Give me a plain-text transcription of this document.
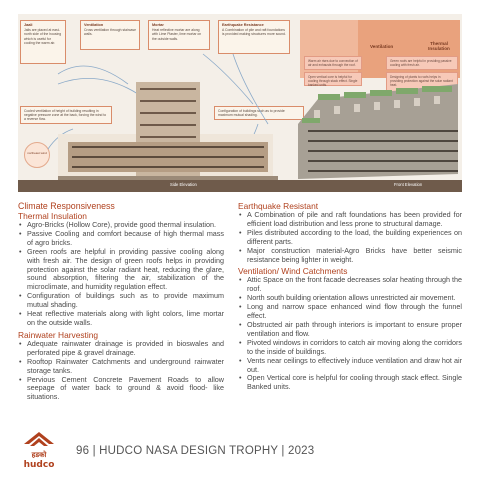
Ventilation
Thermal Insulation
Jaali
Jalis are placed at east-north side of the housing which is useful for cooling the warm air.
Ventilation
Cross ventilation through staircase walls.
Mortar
Heat reflective mortar are along with Lime Plaster, lime mortar on the outside walls.
Earthquake Resistance
A Combination of pile and raft foundations is provided making structures more sound.
Warm air rises due to convection of air and exhausts through the roof.
Open vertical core is helpful for cooling through stack effect. Single banked units.
Green roofs are helpful in providing passive cooling with fresh air.
Designing of plants to roofs helps in providing protection against the solar radiant heat.
Cooled ventilation of height of building resulting in negative pressure zone at the back, forcing the wind to a reverse flow.
Configuration of buildings such as to provide maximum mutual shading.
northeast wind
Side Elevation	Front Elevation
Climate Responsiveness
Thermal Insulation
• Agro-Bricks (Hollow Core), provide good thermal insulation.
• Passive Cooling and comfort because of high thermal mass of agro bricks.
• Green roofs are helpful in providing passive cooling along with fresh air. The design of green roofs helps in providing protection against the solar radiant heat, reducing the glare, sound absorption, filtering the air, stabilization of the microclimate, and humidity regulation effect.
• Configuration of buildings such as to provide maximum mutual shading.
• Heat reflective materials along with light colors, lime mortar on the outside walls.
Rainwater Harvesting
• Adequate rainwater drainage is provided in bioswales and perforated pipe & gravel drainage.
• Rooftop Rainwater Catchments and underground rainwater storage tanks.
• Pervious Cement Concrete Pavement Roads to allow seepage of water back to ground & avoid flood- like situations.
Earthquake Resistant
• A Combination of pile and raft foundations has been provided for efficient load distribution and less prone to structural damage.
• Piles distributed according to the load, the building experiences on different parts.
• Major construction material-Agro Bricks have better seismic resistance being lighter in weight.
Ventilation/ Wind Catchments
• Attic Space on the front facade decreases solar heating through the roof.
• North south building orientation allows unrestricted air movement.
• Long and narrow space enhanced wind flow through the funnel effect.
• Obstructed air path through interiors is important to ensure proper ventilation and flow.
• Pivoted windows in corridors to catch air moving along the corridors to the inside of buildings.
• Vents near ceilings to effectively induce ventilation and draw hot air out.
• Open Vertical core is helpful for cooling through stack effect. Single Banked units.
हडको
hudco
96 | HUDCO NASA DESIGN TROPHY | 2023
